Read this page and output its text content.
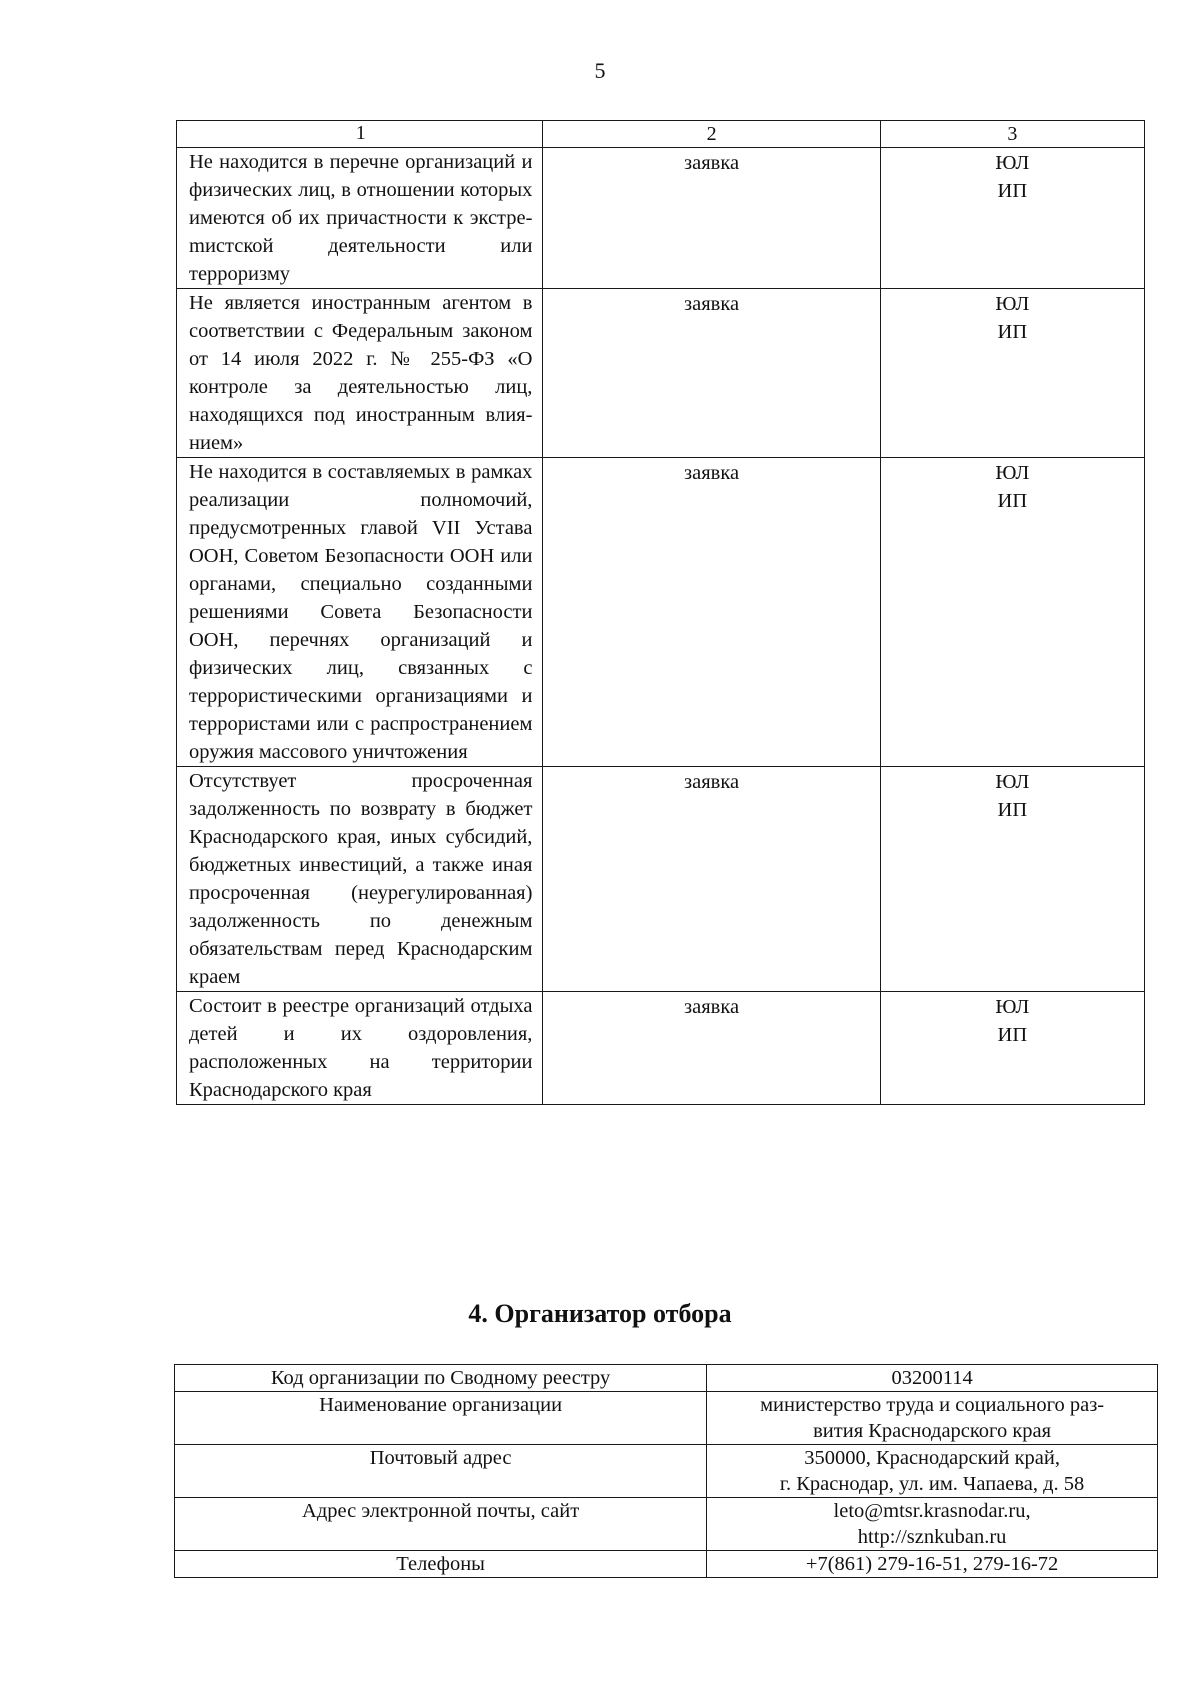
5
1	2	3
Не находится в перечне организаций и физических лиц, в отношении которых имеются об их причастности к экстреmистской деятельности или терроризму	заявка	ЮЛ
ИП

Не является иностранным агентом в соответствии с Федеральным законом от 14 июля 2022 г. № 255-ФЗ «О контроле за деятельностью лиц, находящихся под иностранным влиянием»	заявка	ЮЛ
ИП

Не находится в составляемых в рамках реализации полномочий, предусмотренных главой VII Устава ООН, Советом Безопасности ООН или органами, специально созданными решениями Совета Безопасности ООН, перечнях организаций и физических лиц, связанных с террористическими организациями и террористами или с распространением оружия массового уничтожения	заявка	ЮЛ
ИП

Отсутствует просроченная задолженность по возврату в бюджет Краснодарского края, иных субсидий, бюджетных инвестиций, а также иная просроченная (неурегулированная) задолженность по денежным обязательствам перед Краснодарским краем	заявка	ЮЛ
ИП

Состоит в реестре организаций отдыха детей и их оздоровления, расположенных на территории Краснодарского края	заявка	ЮЛ
ИП
4. Организатор отбора
Код организации по Сводному реестру	03200114

Наименование организации	министерство труда и социального раз-
вития Краснодарского края

Почтовый адрес	350000, Краснодарский край,
г. Краснодар, ул. им. Чапаева, д. 58

Адрес электронной почты, сайт	leto@mtsr.krasnodar.ru,
http://sznkuban.ru

Телефоны	+7(861) 279-16-51, 279-16-72
